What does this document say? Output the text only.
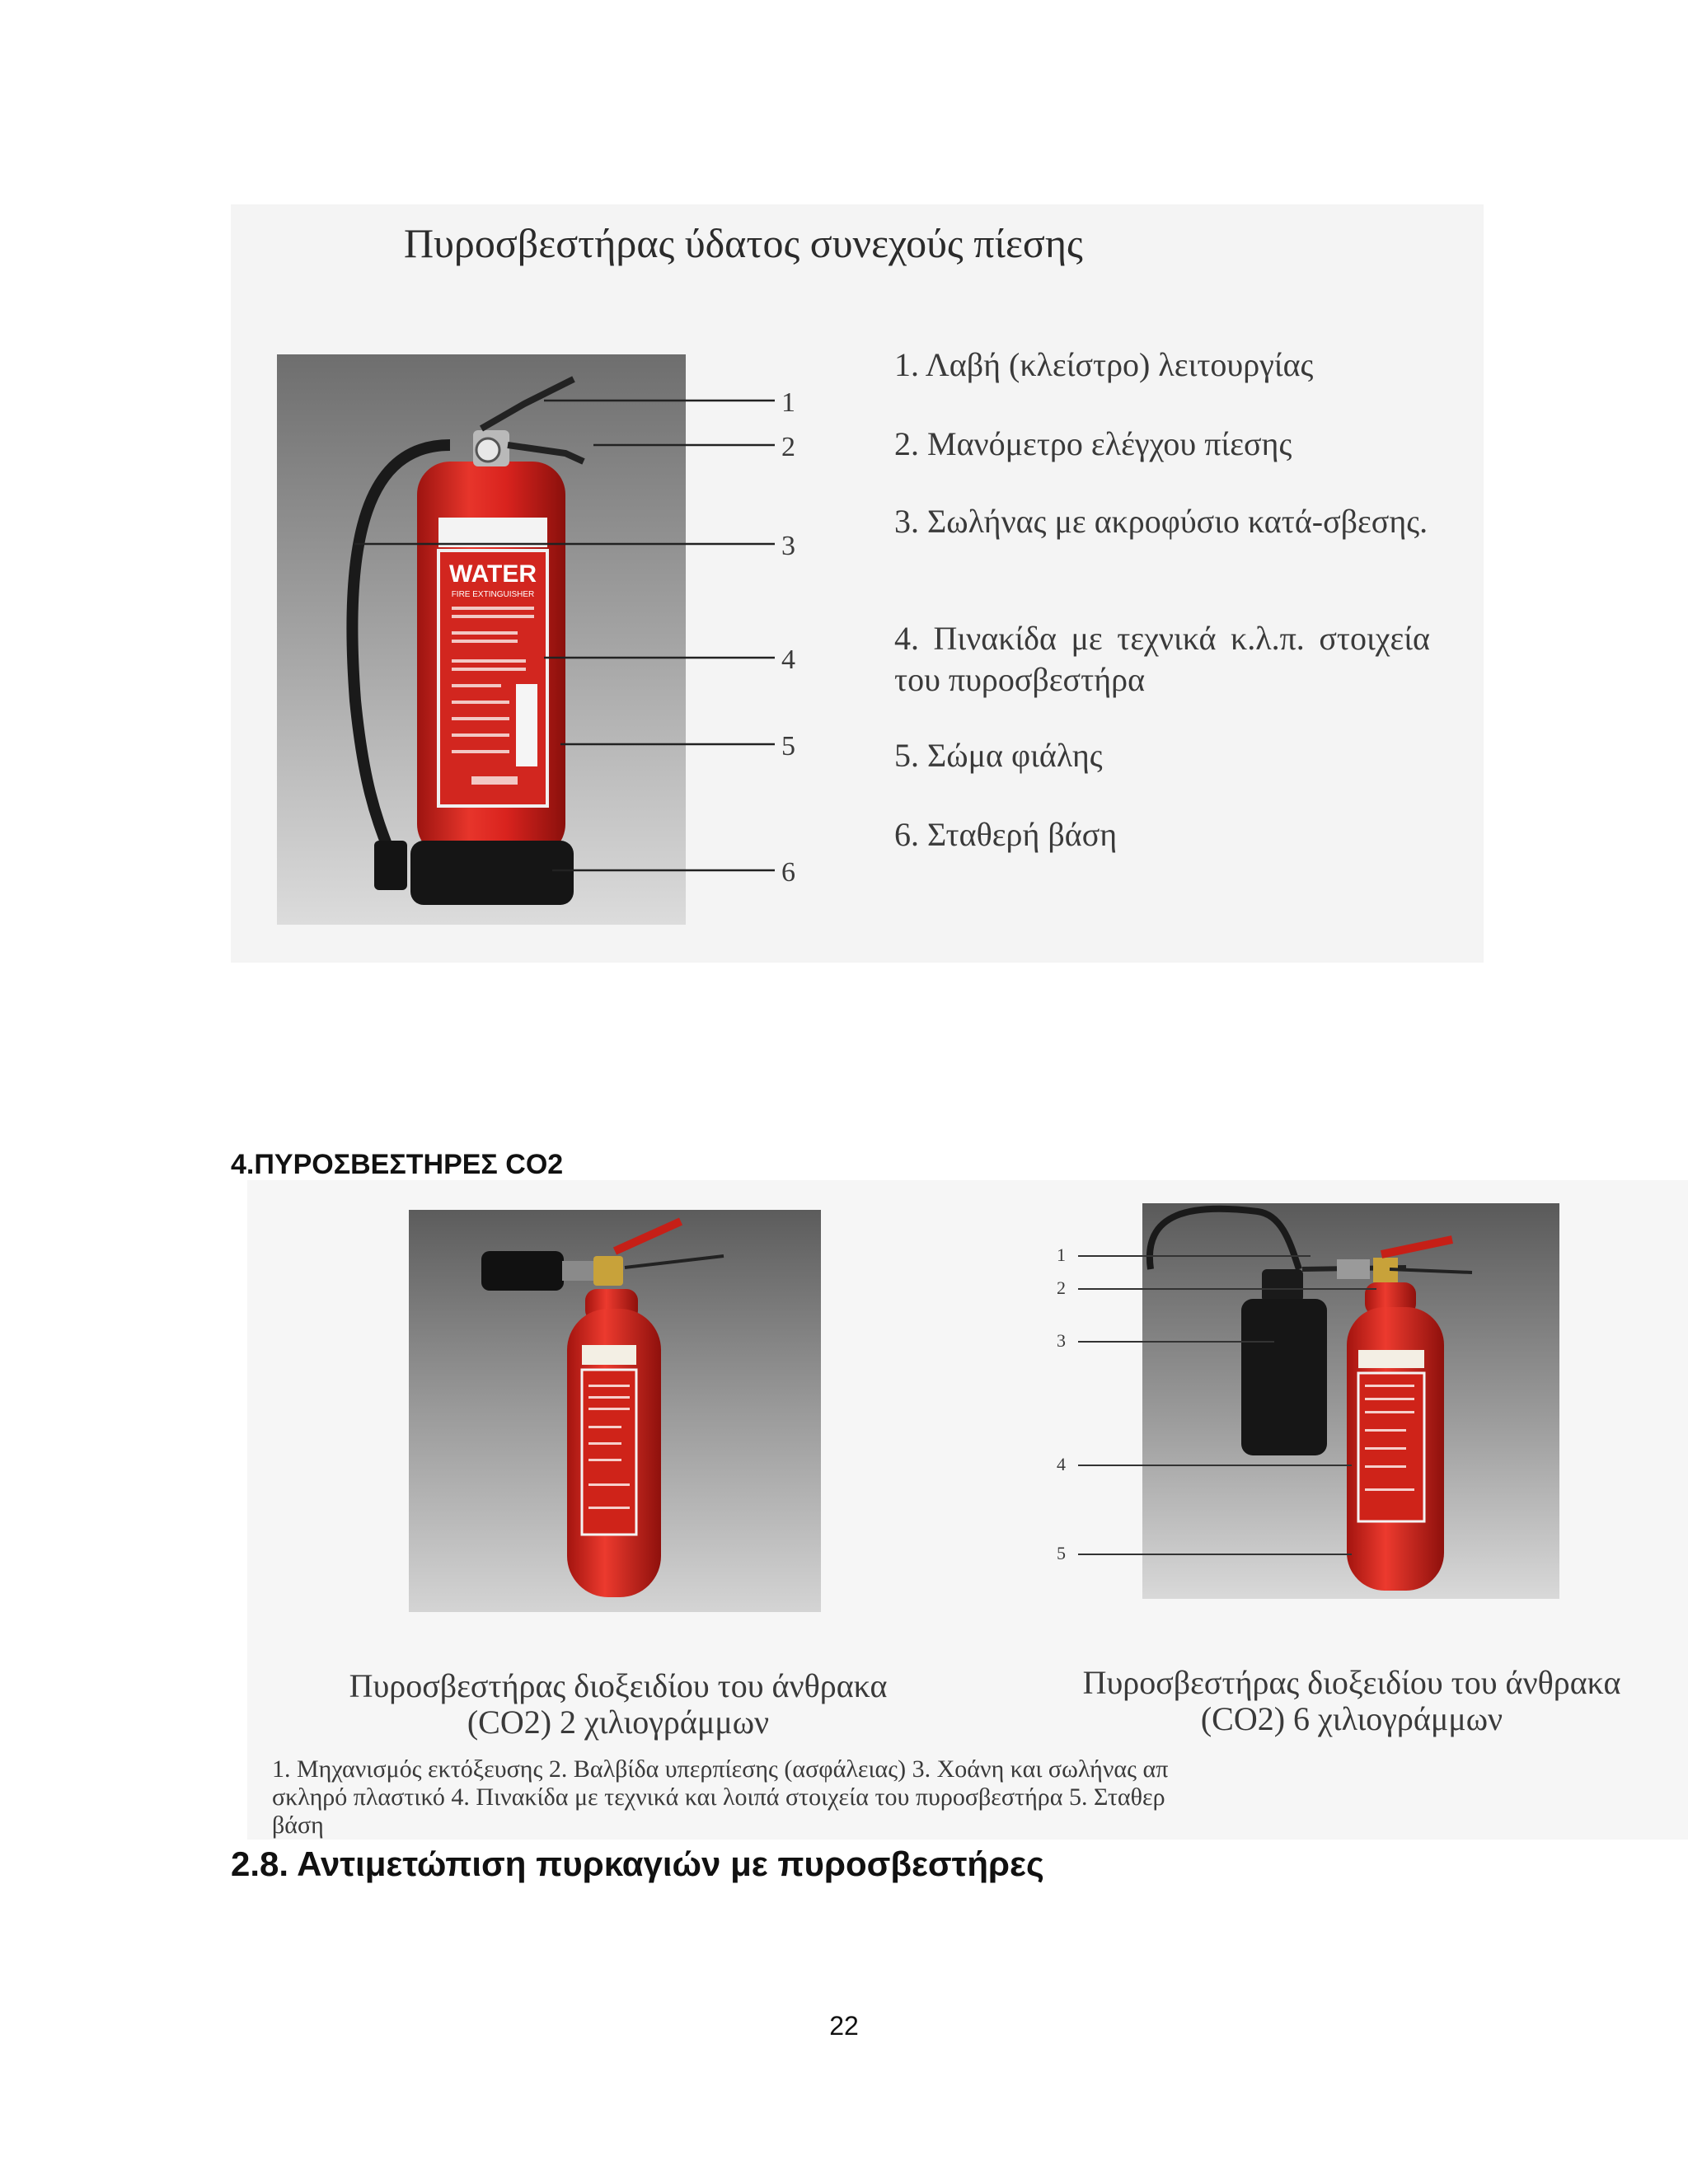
Πυροσβεστήρας ύδατος συνεχούς πίεσης
WATER
FIRE EXTINGUISHER
1
2
3
4
5
6

1. Λαβή (κλείστρο) λειτουργίας

2. Μανόμετρο ελέγχου πίεσης

3. Σωλήνας με ακροφύσιο κατά-σβεσης.

4. Πινακίδα με τεχνικά κ.λ.π. στοιχεία του πυροσβεστήρα

5. Σώμα φιάλης

6. Σταθερή βάση

4.ΠΥΡΟΣΒΕΣΤΗΡΕΣ CO2
1
2
3
4
5
Πυροσβεστήρας διοξειδίου του άνθρακα (CO2) 2 χιλιογράμμων
Πυροσβεστήρας διοξειδίου του άνθρακα (CO2) 6 χιλιογράμμων
1. Μηχανισμός εκτόξευσης 2. Βαλβίδα υπερπίεσης (ασφάλειας) 3. Χοάνη και σωλήνας απ
σκληρό πλαστικό 4. Πινακίδα με τεχνικά και λοιπά στοιχεία του πυροσβεστήρα 5. Σταθερ
βάση
2.8. Αντιμετώπιση πυρκαγιών με πυροσβεστήρες
22
